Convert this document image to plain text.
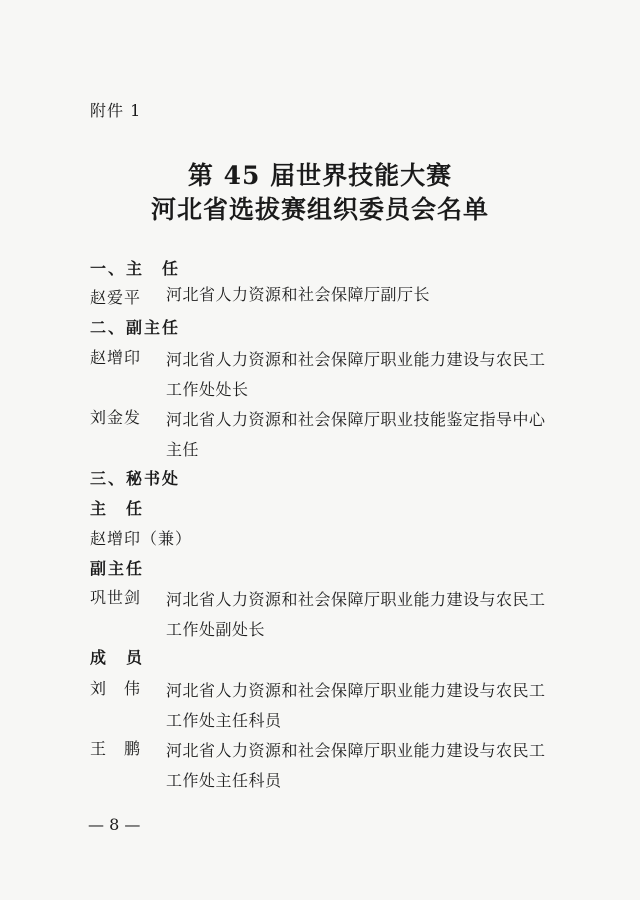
附件 1
第 45 届世界技能大赛
河北省选拔赛组织委员会名单
一、主　任
赵爱平	河北省人力资源和社会保障厅副厅长
二、副主任
赵增印	河北省人力资源和社会保障厅职业能力建设与农民工
工作处处长
刘金发	河北省人力资源和社会保障厅职业技能鉴定指导中心
主任
三、秘书处
主　任
赵增印（兼）
副主任
巩世剑	河北省人力资源和社会保障厅职业能力建设与农民工
工作处副处长
成　员
刘　伟	河北省人力资源和社会保障厅职业能力建设与农民工
工作处主任科员
王　鹏	河北省人力资源和社会保障厅职业能力建设与农民工
工作处主任科员
— 8 —
